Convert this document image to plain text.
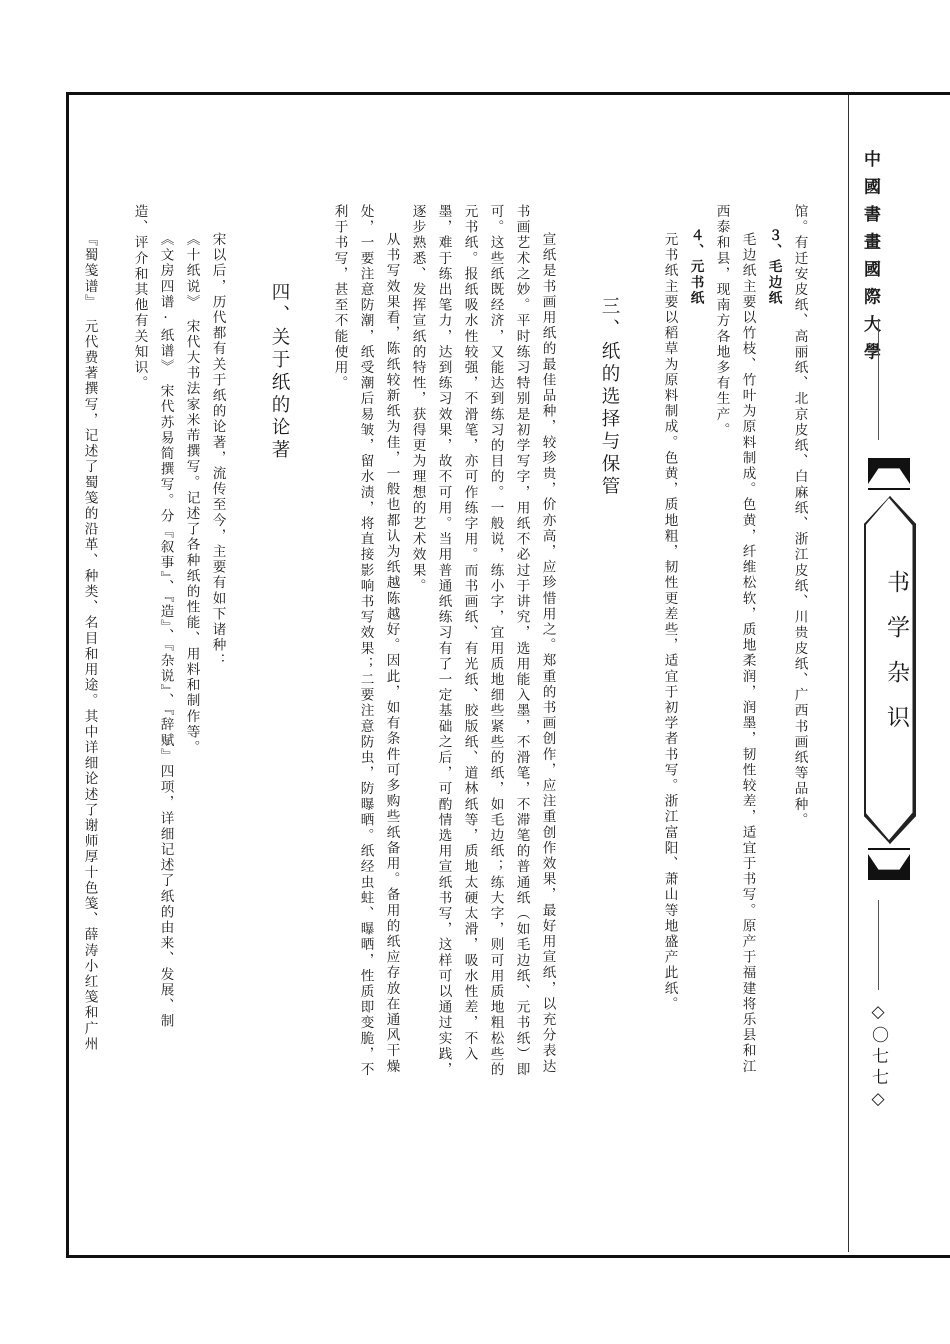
中國書畫國際大學

书学杂识

◇〇七七◇

馆。有迁安皮纸、高丽纸、北京皮纸、白麻纸、浙江皮纸、川贵皮纸、广西书画纸等品种。

３、毛边纸

毛边纸主要以竹枝、竹叶为原料制成。色黄，纤维松软，质地柔润，润墨，韧性较差，适宜于书写。原产于福建将乐县和江

西泰和县，现南方各地多有生产。

４、元书纸

元书纸主要以稻草为原料制成。色黄，质地粗，韧性更差些，适宜于初学者书写。浙江富阳、萧山等地盛产此纸。

三、纸的选择与保管

宣纸是书画用纸的最佳品种，较珍贵，价亦高，应珍惜用之。郑重的书画创作，应注重创作效果，最好用宣纸，以充分表达

书画艺术之妙。平时练习特别是初学写字，用纸不必过于讲究，选用能入墨，不滑笔，不滞笔的普通纸（如毛边纸、元书纸）即

可。这些纸既经济，又能达到练习的目的。一般说，练小字，宜用质地细些紧些的纸，如毛边纸；练大字，则可用质地粗松些的

元书纸。报纸吸水性较强，不滑笔，亦可作练字用。而书画纸、有光纸、胶版纸、道林纸等，质地太硬太滑，吸水性差，不入

墨，难于练出笔力，达到练习效果，故不可用。当用普通纸练习有了一定基础之后，可酌情选用宣纸书写，这样可以通过实践，

逐步熟悉、发挥宣纸的特性，获得更为理想的艺术效果。

从书写效果看，陈纸较新纸为佳，一般也都认为纸越陈越好。因此，如有条件可多购些纸备用。备用的纸应存放在通风干燥

处，一要注意防潮，纸受潮后易皱，留水渍，将直接影响书写效果；二要注意防虫，防曝晒。纸经虫蛀、曝晒，性质即变脆，不

利于书写，甚至不能使用。

四、关于纸的论著

宋以后，历代都有关于纸的论著，流传至今，主要有如下诸种：

《十纸说》　宋代大书法家米芾撰写。记述了各种纸的性能、用料和制作等。

《文房四谱·纸谱》　宋代苏易简撰写。分『叙事』、『造』、『杂说』、『辞赋』四项，详细记述了纸的由来、发展、制

造、评介和其他有关知识。

『蜀笺谱』　元代费著撰写，记述了蜀笺的沿革、种类、名目和用途。其中详细论述了谢师厚十色笺、薛涛小红笺和广州
